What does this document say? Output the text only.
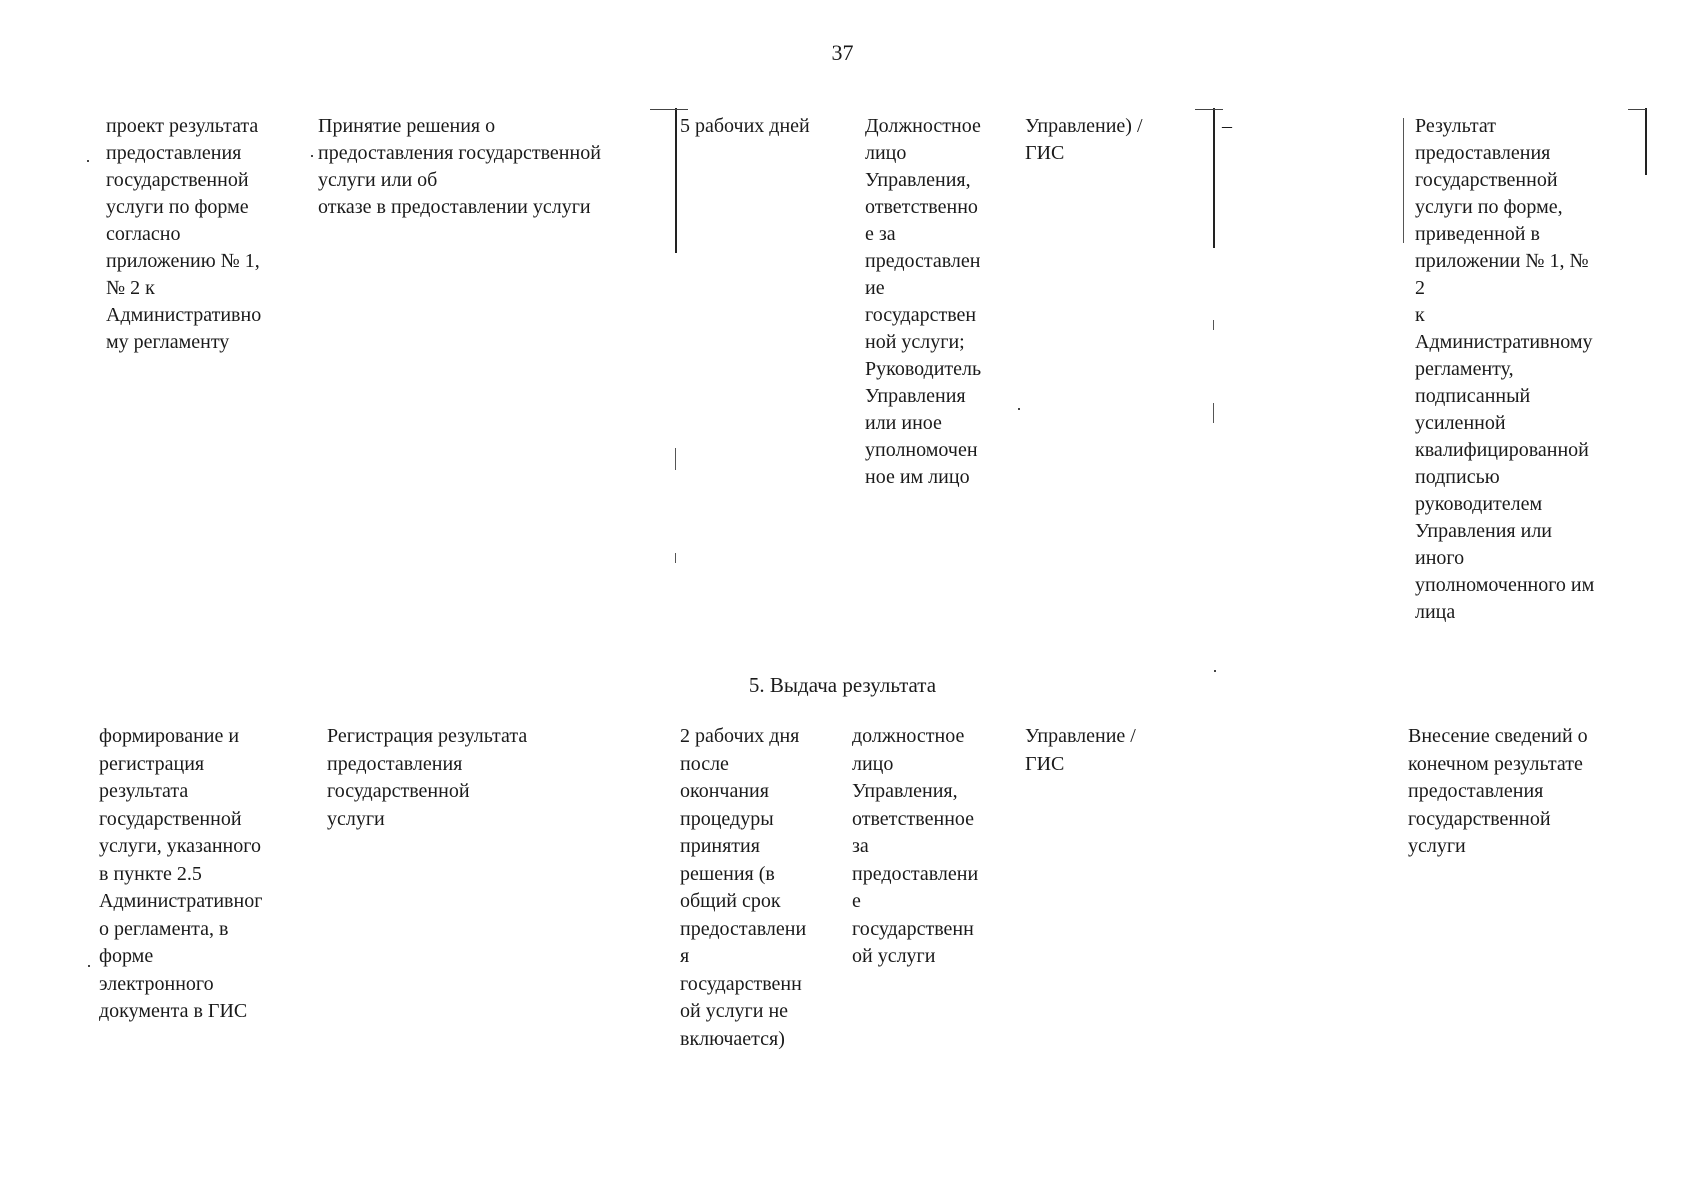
37

проект результата
предоставления
государственной
услуги по форме
согласно
приложению № 1,
№ 2 к
Административно
му регламенту

Принятие решения о
предоставления государственной
услуги или об
отказе в предоставлении услуги

5 рабочих дней	Должностное
лицо
Управления,
ответственно
е за
предоставлен
ие
государствен
ной услуги;
Руководитель
Управления
или иное
уполномочен
ное им лицо

Управление) /
ГИС

–	Результат
предоставления
государственной
услуги по форме,
приведенной в
приложении № 1, №
2
к
Административному
регламенту,
подписанный
усиленной
квалифицированной
подписью
руководителем
Управления или
иного
уполномоченного им
лица

5. Выдача результата

формирование и
регистрация
результата
государственной
услуги, указанного
в пункте 2.5
Административног
о регламента, в
форме
электронного
документа в ГИС

Регистрация результата
предоставления
государственной
услуги

2 рабочих дня
после
окончания
процедуры
принятия
решения (в
общий срок
предоставлени
я
государственн
ой услуги не
включается)

должностное
лицо
Управления,
ответственное
за
предоставлени
е
государственн
ой услуги

Управление /
ГИС

Внесение сведений о
конечном результате
предоставления
государственной
услуги
